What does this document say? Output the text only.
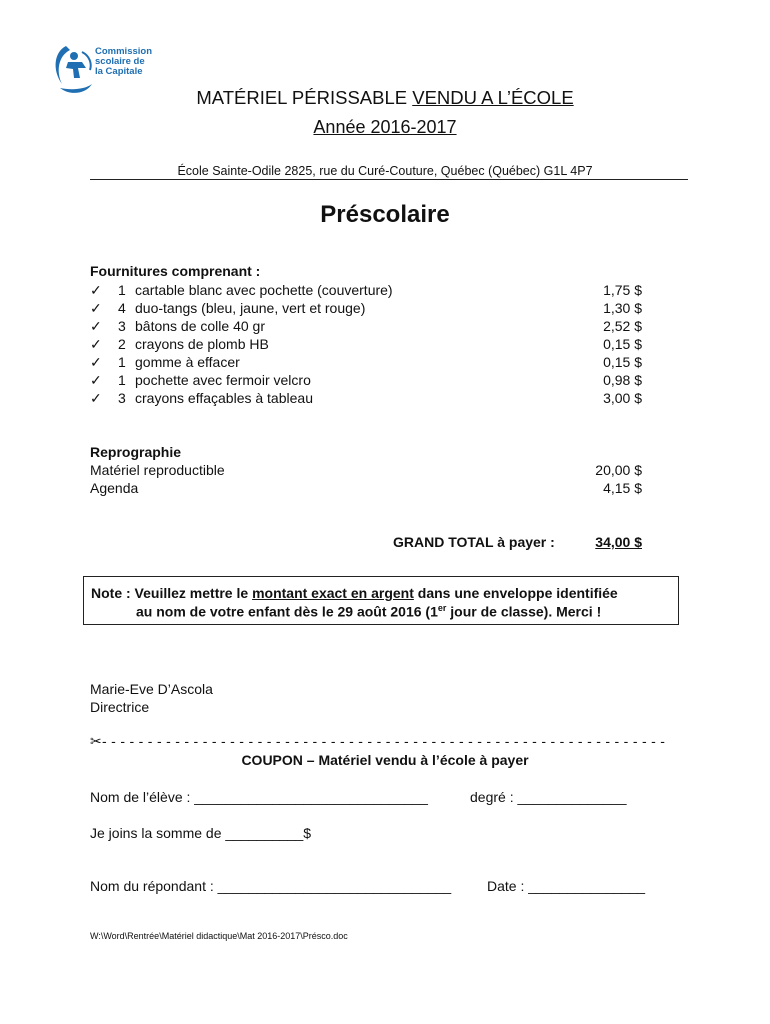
Commission
scolaire de
la Capitale
MATÉRIEL PÉRISSABLE VENDU A L’ÉCOLE
Année 2016-2017
École Sainte-Odile 2825, rue du Curé-Couture, Québec (Québec) G1L 4P7
Préscolaire
Fournitures comprenant :
✓ 1 cartable blanc avec pochette (couverture)	1,75 $
✓ 4 duo-tangs (bleu, jaune, vert et rouge)	1,30 $
✓ 3 bâtons de colle 40 gr	2,52 $
✓ 2 crayons de plomb HB	0,15 $
✓ 1 gomme à effacer	0,15 $
✓ 1 pochette avec fermoir velcro	0,98 $
✓ 3 crayons effaçables à tableau	3,00 $
Reprographie
Matériel reproductible	20,00 $
Agenda	4,15 $
GRAND TOTAL à payer :	34,00 $
Note : Veuillez mettre le montant exact en argent dans une enveloppe identifiée
au nom de votre enfant dès le 29 août 2016 (1er jour de classe). Merci !
Marie-Eve D’Ascola
Directrice
✂- - - - - - - - - - - - - - - - - - - - - - - - - - - - - - - - - - - - - - - - - - - - - - - - - - - - - - - - - - - - - -
COUPON – Matériel vendu à l’école à payer
Nom de l’élève : ______________________________	degré : ______________
Je joins la somme de __________$
Nom du répondant : ______________________________	Date : _______________
W:\Word\Rentrée\Matériel didactique\Mat 2016-2017\Présco.doc
